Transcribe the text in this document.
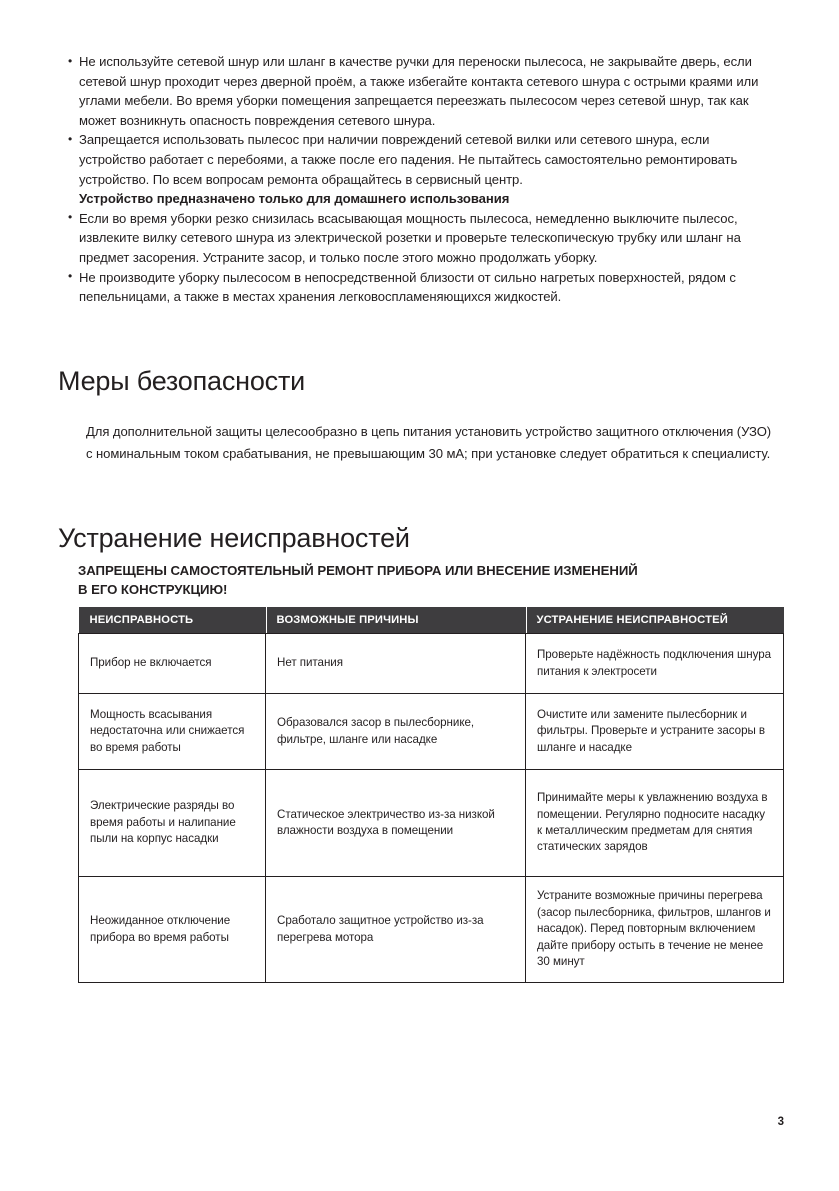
• Не используйте сетевой шнур или шланг в качестве ручки для переноски пылесоса, не закрывайте дверь, если сетевой шнур проходит через дверной проём, а также избегайте контакта сетевого шнура с острыми краями или углами мебели. Во время уборки помещения запрещается переезжать пылесосом через сетевой шнур, так как может возникнуть опасность повреждения сетевого шнура.
• Запрещается использовать пылесос при наличии повреждений сетевой вилки или сетевого шнура, если устройство работает с перебоями, а также после его падения. Не пытайтесь самостоятельно ремонтировать устройство. По всем вопросам ремонта обращайтесь в сервисный центр.
Устройство предназначено только для домашнего использования
• Если во время уборки резко снизилась всасывающая мощность пылесоса, немедленно выключите пылесос, извлеките вилку сетевого шнура из электрической розетки и проверьте телескопическую трубку или шланг на предмет засорения. Устраните засор, и только после этого можно продолжать уборку.
• Не производите уборку пылесосом в непосредственной близости от сильно нагретых поверхностей, рядом с пепельницами, а также в местах хранения легковоспламеняющихся жидкостей.
Меры безопасности

Для дополнительной защиты целесообразно в цепь питания установить устройство защитного отключения (УЗО) с номинальным током срабатывания, не превышающим 30 мА; при установке следует обратиться к специалисту.

Устранение неисправностей
ЗАПРЕЩЕНЫ САМОСТОЯТЕЛЬНЫЙ РЕМОНТ ПРИБОРА ИЛИ ВНЕСЕНИЕ ИЗМЕНЕНИЙ
В ЕГО КОНСТРУКЦИЮ!
НЕИСПРАВНОСТЬ	ВОЗМОЖНЫЕ ПРИЧИНЫ	УСТРАНЕНИЕ НЕИСПРАВНОСТЕЙ
Прибор не включается	Нет питания	Проверьте надёжность подключения шнура питания к электросети
Мощность всасывания недостаточна или снижается во время работы	Образовался засор в пылесборнике, фильтре, шланге или насадке	Очистите или замените пылесборник и фильтры. Проверьте и устраните засоры в шланге и насадке
Электрические разряды во время работы и налипание пыли на корпус насадки	Статическое электричество из-за низкой влажности воздуха в помещении	Принимайте меры к увлажнению воздуха в помещении. Регулярно подносите насадку к металлическим предметам для снятия статических зарядов
Неожиданное отключение прибора во время работы	Сработало защитное устройство из-за перегрева мотора	Устраните возможные причины перегрева (засор пылесборника, фильтров, шлангов и насадок). Перед повторным включением дайте прибору остыть в течение не менее 30 минут
3
